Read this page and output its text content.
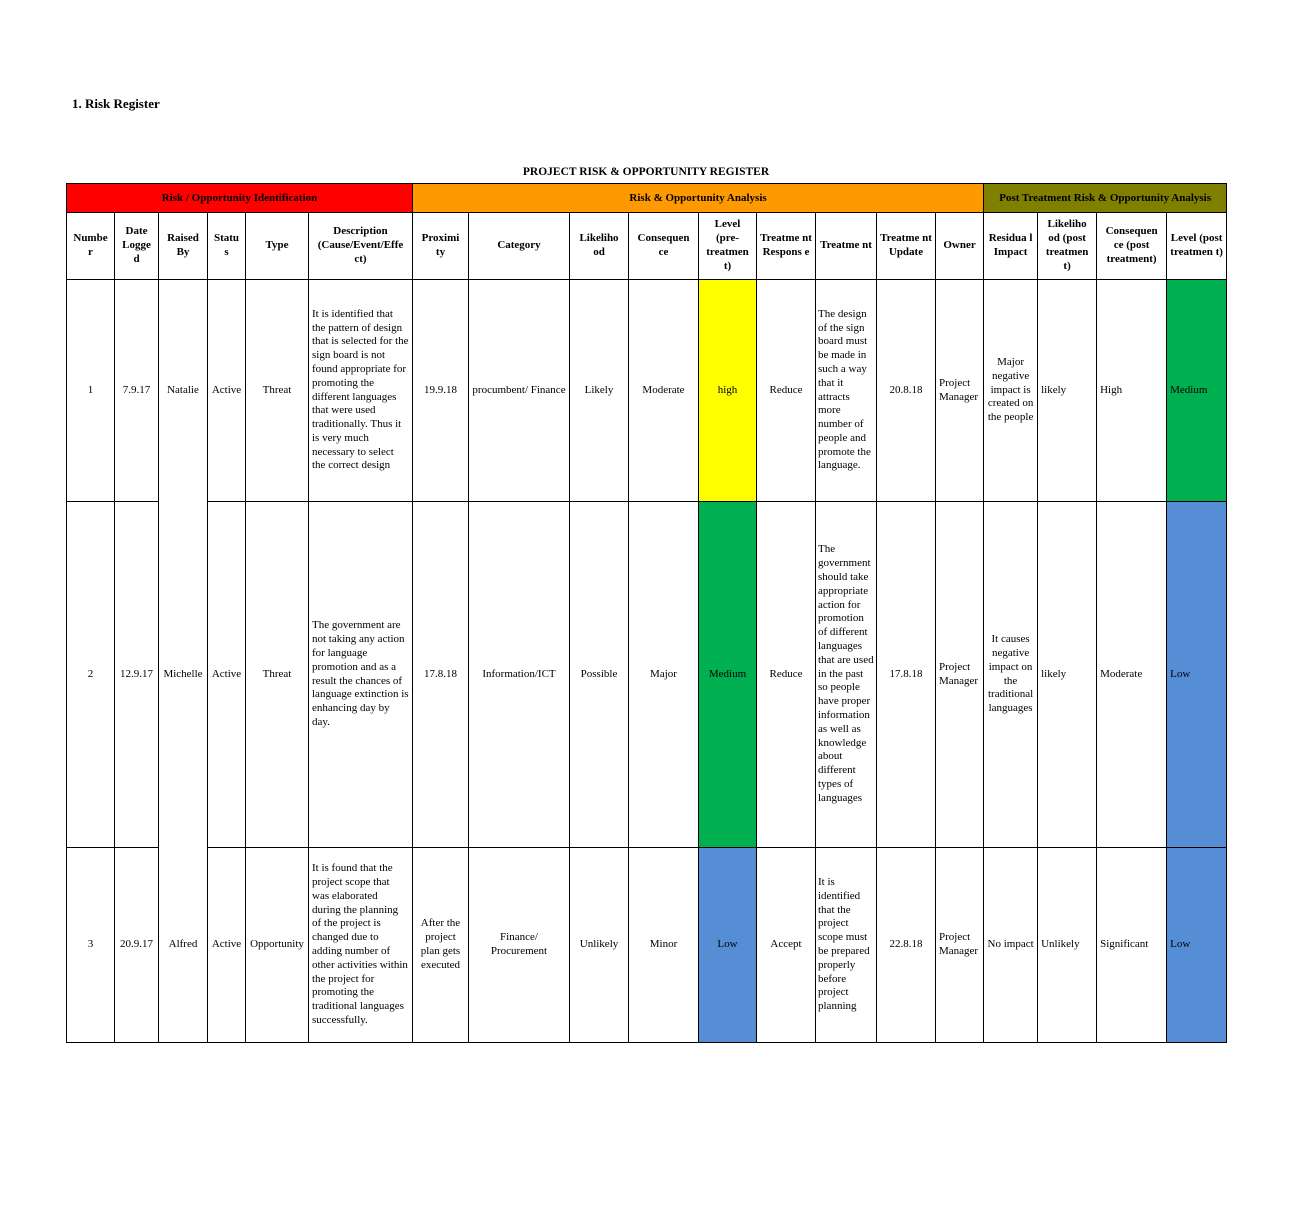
1. Risk Register
PROJECT RISK & OPPORTUNITY REGISTER
Risk / Opportunity Identification						Risk & Opportunity Analysis									Post Treatment Risk & Opportunity Analysis			
Numbe r	Date Logge d	Raised By	Statu s	Type	Description (Cause/Event/Effe ct)	Proximi ty	Category	Likeliho od	Consequen ce	Level (pre-treatmen t)	Treatme nt Respons e	Treatme nt	Treatme nt Update	Owner	Residua l Impact	Likeliho od (post treatmen t)	Consequen ce (post treatment)	Level (post treatmen t)
1	7.9.17	Natalie	Active	Threat	It is identified that the pattern of design that is selected for the sign board is not found appropriate for promoting the different languages that were used traditionally. Thus it is very much necessary to select the correct design	19.9.18	procumbent/ Finance	Likely	Moderate	high	Reduce	The design of the sign board must be made in such a way that it attracts more number of people and promote the language.	20.8.18	Project Manager	Major negative impact is created on the people	likely	High	Medium
2	12.9.17	Michelle	Active	Threat	The government are not taking any action for language promotion and as a result the chances of language extinction is enhancing day by day.	17.8.18	Information/ICT	Possible	Major	Medium	Reduce	The government should take appropriate action for promotion of different languages that are used in the past so people have proper information as well as knowledge about different types of languages	17.8.18	Project Manager	It causes negative impact on the traditional languages	likely	Moderate	Low
3	20.9.17	Alfred	Active	Opportunity	It is found that the project scope that was elaborated during the planning of the project is changed due to adding number of other activities within the project for promoting the traditional languages successfully.	After the project plan gets executed	Finance/ Procurement	Unlikely	Minor	Low	Accept	It is identified that the project scope must be prepared properly before project planning	22.8.18	Project Manager	No impact	Unlikely	Significant	Low
